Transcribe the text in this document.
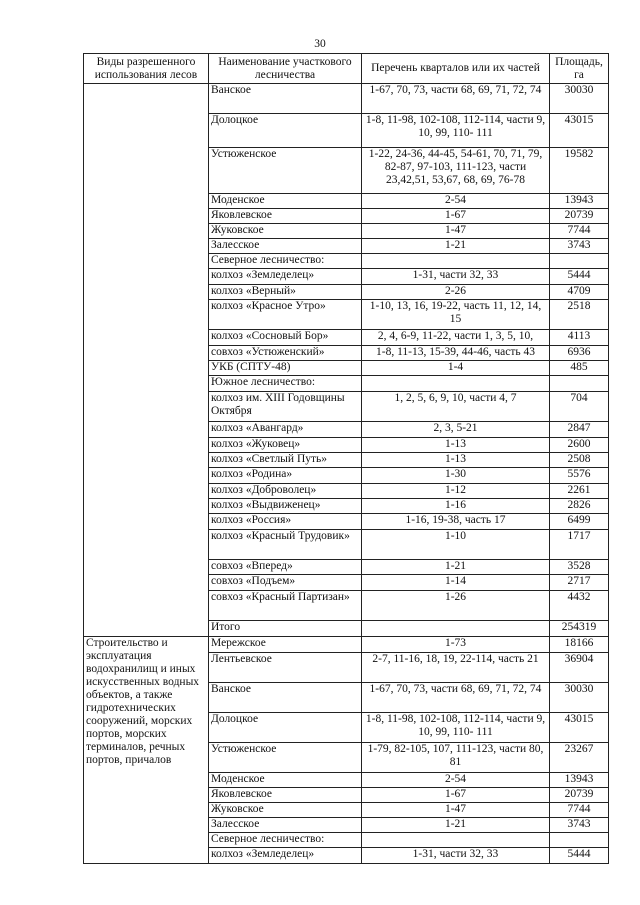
30
Виды разрешенного использования лесов	Наименование участкового лесничества	Перечень кварталов или их частей	Площадь, га
	Ванское	1-67, 70, 73, части 68, 69, 71, 72, 74	30030
	Долоцкое	1-8, 11-98, 102-108, 112-114, части 9, 10, 99, 110- 111	43015
	Устюженское	1-22, 24-36, 44-45, 54-61, 70, 71, 79, 82-87, 97-103, 111-123, части 23,42,51, 53,67, 68, 69, 76-78	19582
	Моденское	2-54	13943
	Яковлевское	1-67	20739
	Жуковское	1-47	7744
	Залесское	1-21	3743
	Северное лесничество:		
	колхоз «Земледелец»	1-31, части 32, 33	5444
	колхоз «Верный»	2-26	4709
	колхоз «Красное Утро»	1-10, 13, 16, 19-22, часть 11, 12, 14, 15	2518
	колхоз «Сосновый Бор»	2, 4, 6-9, 11-22, части 1, 3, 5, 10,	4113
	совхоз «Устюженский»	1-8, 11-13, 15-39, 44-46, часть 43	6936
	УКБ (СПТУ-48)	1-4	485
	Южное лесничество:		
	колхоз им. XIII Годовщины Октября	1, 2, 5, 6, 9, 10, части 4, 7	704
	колхоз «Авангард»	2, 3, 5-21	2847
	колхоз «Жуковец»	1-13	2600
	колхоз «Светлый Путь»	1-13	2508
	колхоз «Родина»	1-30	5576
	колхоз «Доброволец»	1-12	2261
	колхоз «Выдвиженец»	1-16	2826
	колхоз «Россия»	1-16, 19-38, часть 17	6499
	колхоз «Красный Трудовик»	1-10	1717
	совхоз «Вперед»	1-21	3528
	совхоз «Подъем»	1-14	2717
	совхоз «Красный Партизан»	1-26	4432
	Итого		254319
Строительство и эксплуатация водохранилищ и иных искусственных водных объектов, а также гидротехнических сооружений, морских портов, морских терминалов, речных портов, причалов	Мережское	1-73	18166
	Лентьевское	2-7, 11-16, 18, 19, 22-114, часть 21	36904
	Ванское	1-67, 70, 73, части 68, 69, 71, 72, 74	30030
	Долоцкое	1-8, 11-98, 102-108, 112-114, части 9, 10, 99, 110- 111	43015
	Устюженское	1-79, 82-105, 107, 111-123, части 80, 81	23267
	Моденское	2-54	13943
	Яковлевское	1-67	20739
	Жуковское	1-47	7744
	Залесское	1-21	3743
	Северное лесничество:		
	колхоз «Земледелец»	1-31, части 32, 33	5444
